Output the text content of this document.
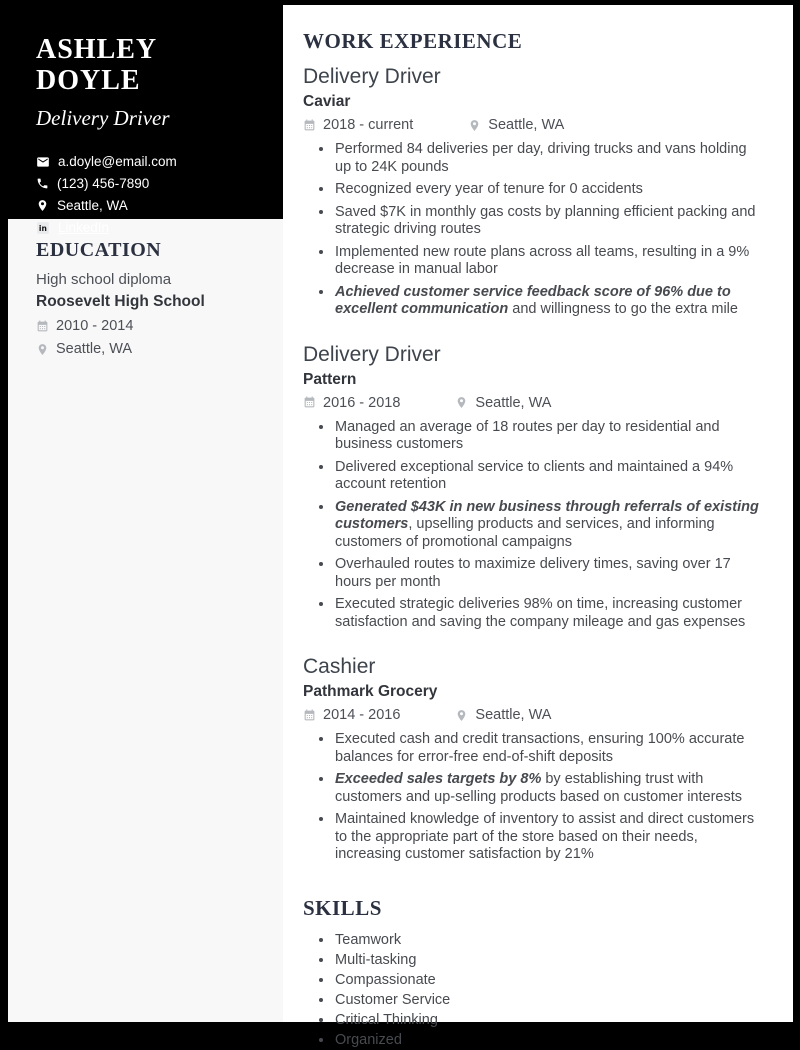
ASHLEY DOYLE
Delivery Driver
a.doyle@email.com
(123) 456-7890
Seattle, WA
in LinkedIn
EDUCATION
High school diploma
Roosevelt High School
2010 - 2014
Seattle, WA
WORK EXPERIENCE
Delivery Driver
Caviar
2018 - current	Seattle, WA
• Performed 84 deliveries per day, driving trucks and vans holding up to 24K pounds
• Recognized every year of tenure for 0 accidents
• Saved $7K in monthly gas costs by planning efficient packing and strategic driving routes
• Implemented new route plans across all teams, resulting in a 9% decrease in manual labor
• Achieved customer service feedback score of 96% due to excellent communication and willingness to go the extra mile
Delivery Driver
Pattern
2016 - 2018	Seattle, WA
• Managed an average of 18 routes per day to residential and business customers
• Delivered exceptional service to clients and maintained a 94% account retention
• Generated $43K in new business through referrals of existing customers, upselling products and services, and informing customers of promotional campaigns
• Overhauled routes to maximize delivery times, saving over 17 hours per month
• Executed strategic deliveries 98% on time, increasing customer satisfaction and saving the company mileage and gas expenses
Cashier
Pathmark Grocery
2014 - 2016	Seattle, WA
• Executed cash and credit transactions, ensuring 100% accurate balances for error-free end-of-shift deposits
• Exceeded sales targets by 8% by establishing trust with customers and up-selling products based on customer interests
• Maintained knowledge of inventory to assist and direct customers to the appropriate part of the store based on their needs, increasing customer satisfaction by 21%
SKILLS
• Teamwork
• Multi-tasking
• Compassionate
• Customer Service
• Critical Thinking
• Organized
